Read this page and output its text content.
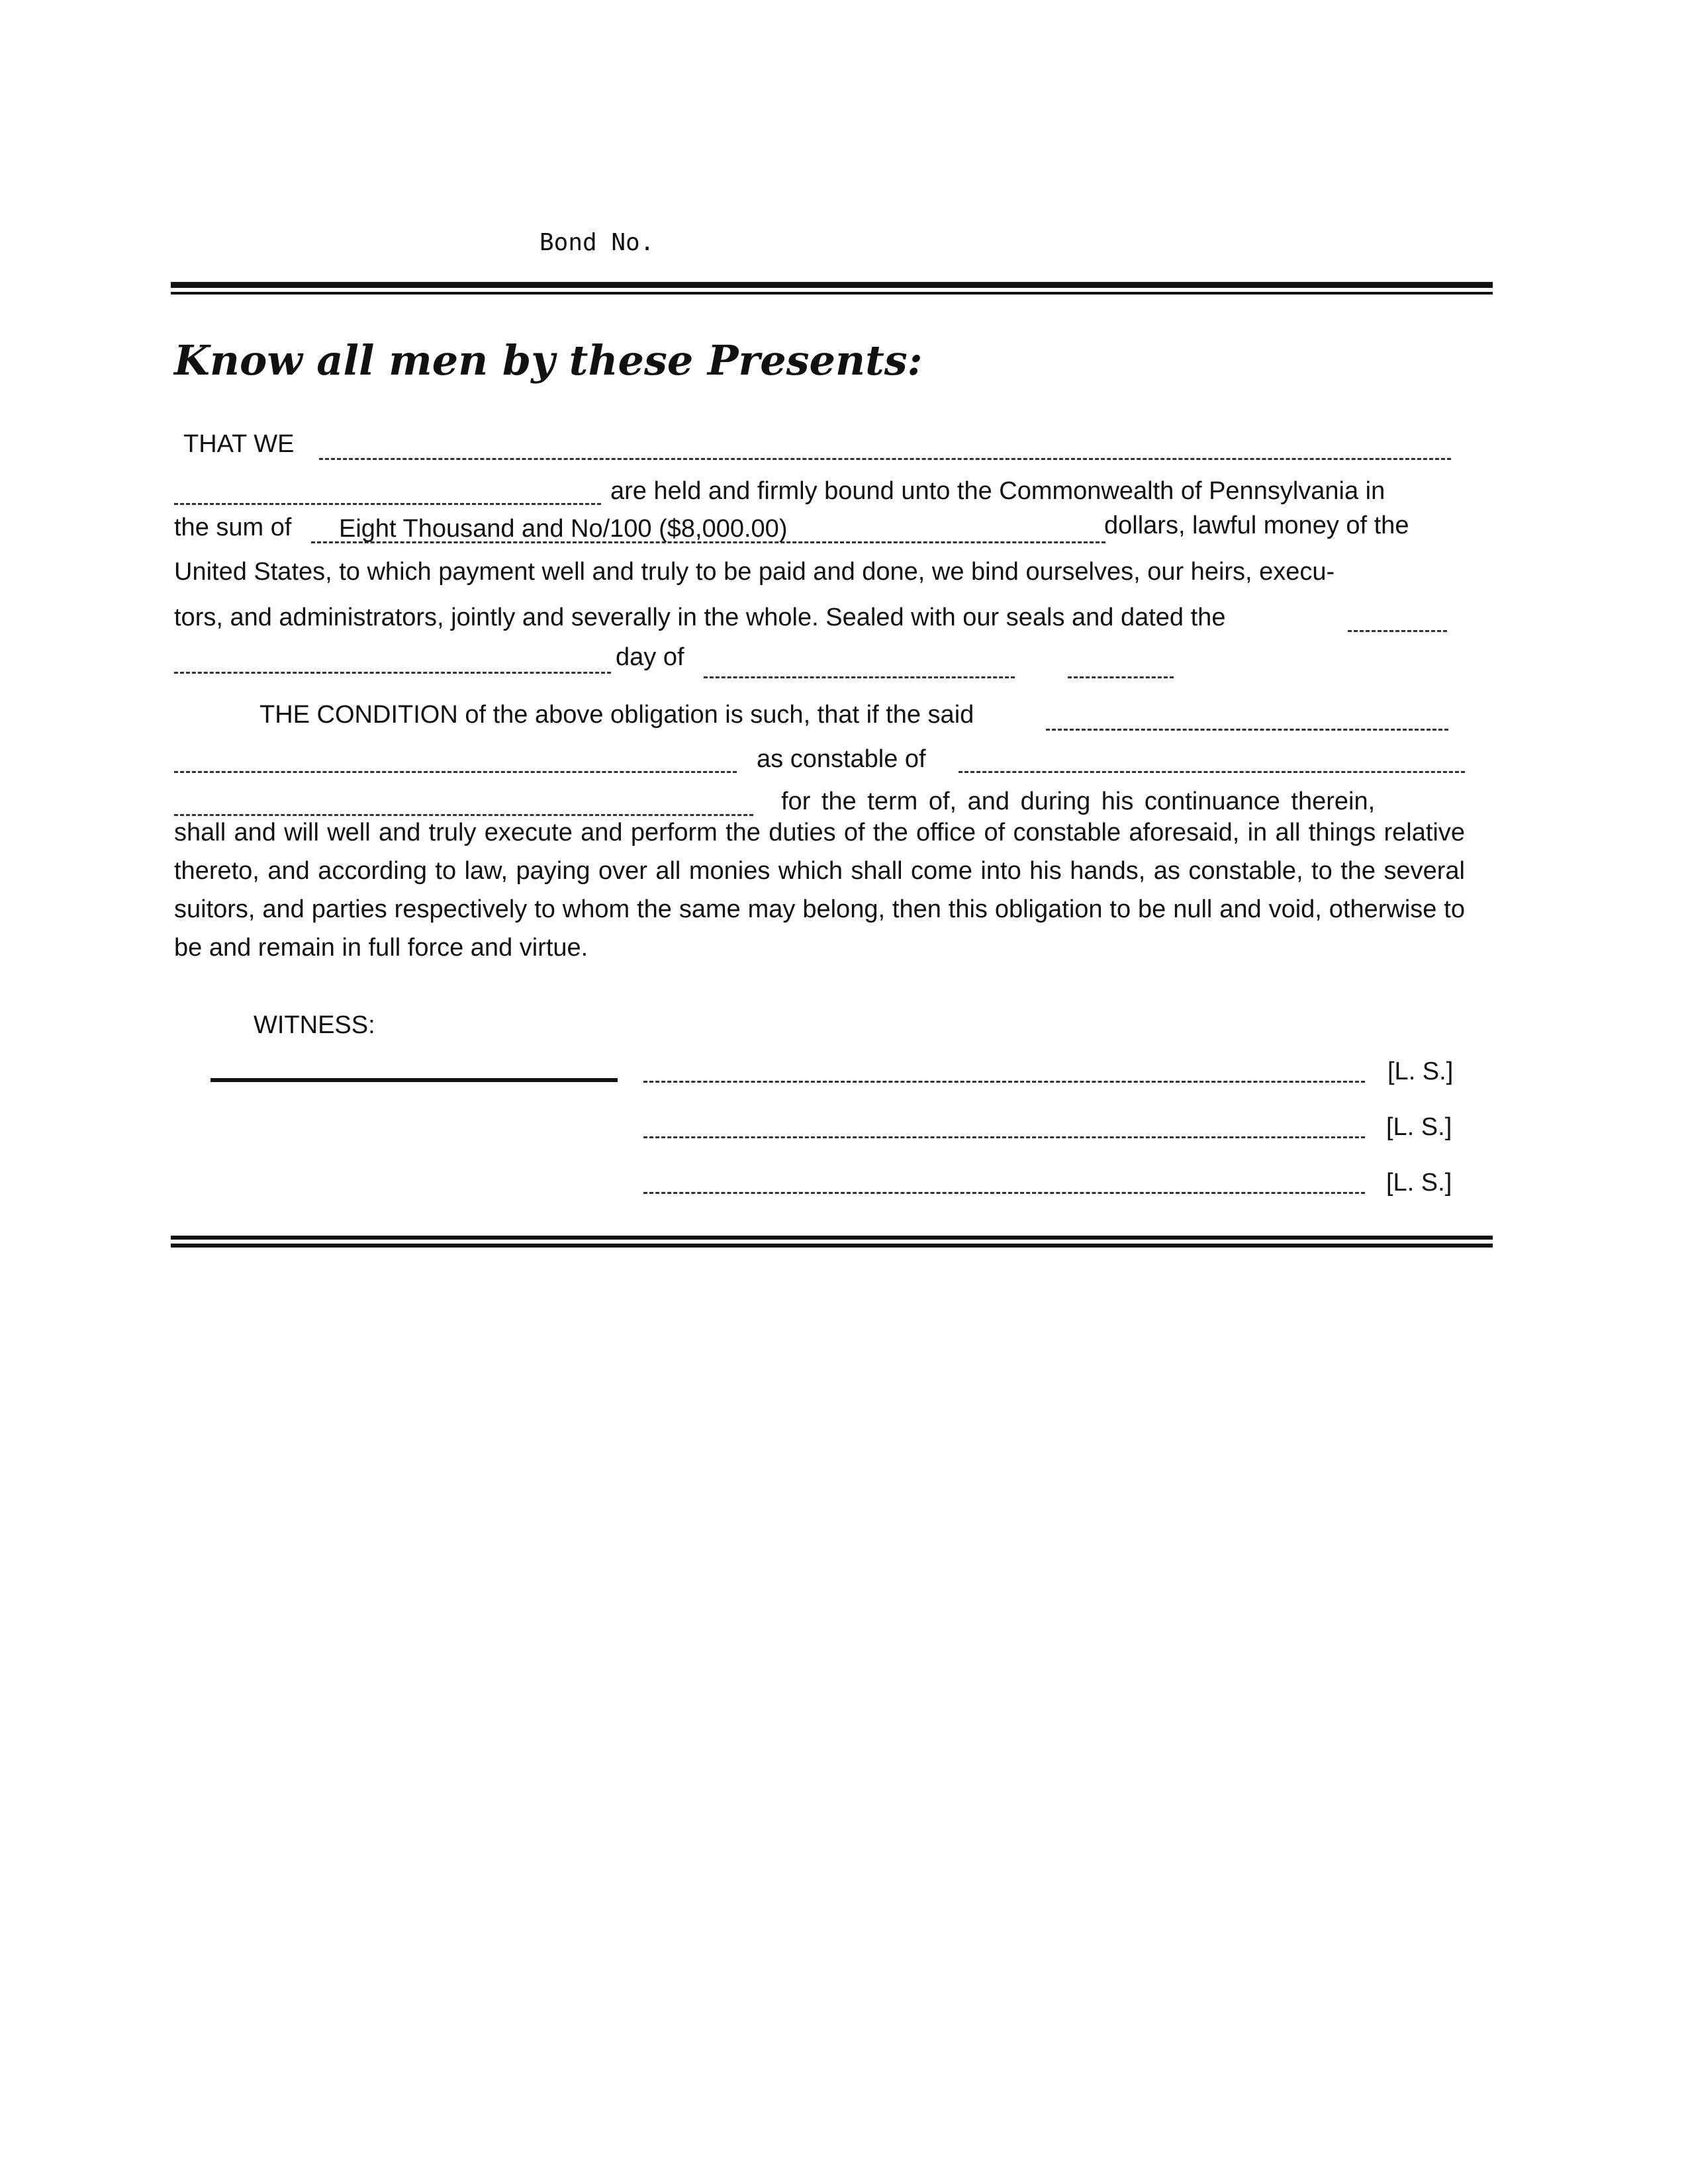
Bond No.
Know all men by these Presents:
THAT WE
are held and firmly bound unto the Commonwealth of Pennsylvania in
the sum of Eight Thousand and No/100 ($8,000.00)	dollars, lawful money of the
United States, to which payment well and truly to be paid and done, we bind ourselves, our heirs, execu-
tors, and administrators, jointly and severally in the whole. Sealed with our seals and dated the
day of
THE CONDITION of the above obligation is such, that if the said
as constable of
for the term of, and during his continuance therein,

shall and will well and truly execute and perform the duties of the office of constable aforesaid, in all things relative thereto, and according to law, paying over all monies which shall come into his hands, as constable, to the several suitors, and parties respectively to whom the same may belong, then this obligation to be null and void, otherwise to be and remain in full force and virtue.

WITNESS:
[L. S.]
[L. S.]
[L. S.]
